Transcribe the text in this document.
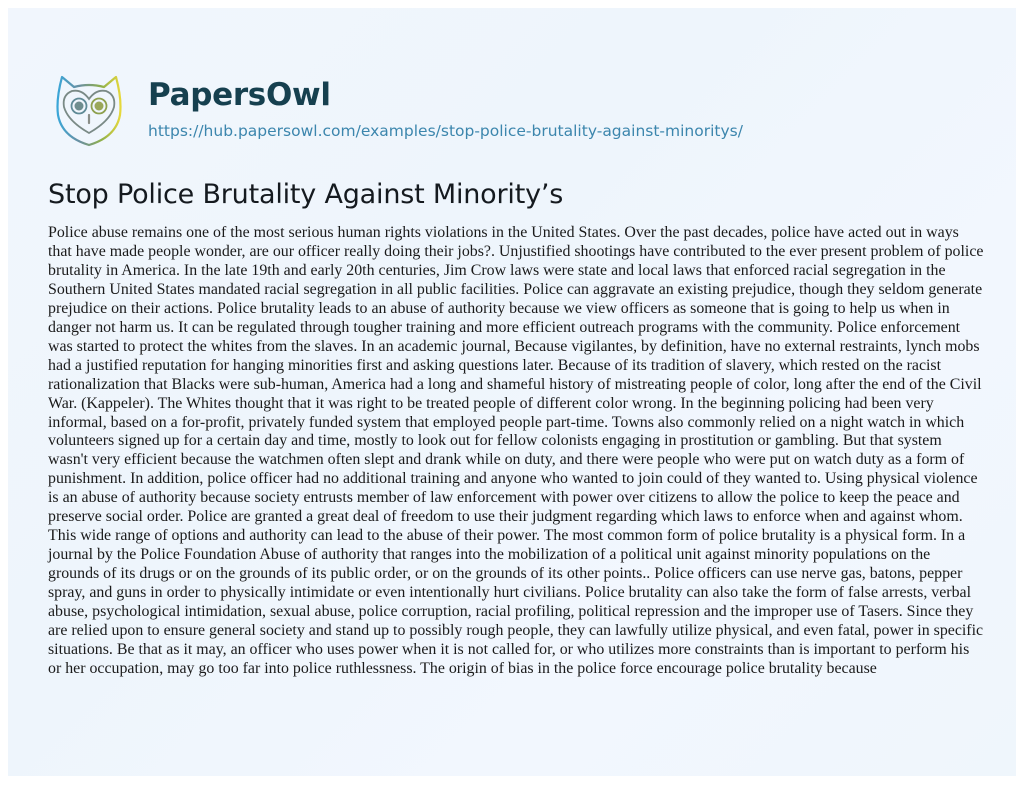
PapersOwl
https://hub.papersowl.com/examples/stop-police-brutality-against-minoritys/
Stop Police Brutality Against Minority’s

Police abuse remains one of the most serious human rights violations in the United States. Over the past decades, police have acted out in ways that have made people wonder, are our officer really doing their jobs?. Unjustified shootings have contributed to the ever present problem of police brutality in America. In the late 19th and early 20th centuries, Jim Crow laws were state and local laws that enforced racial segregation in the Southern United States mandated racial segregation in all public facilities. Police can aggravate an existing prejudice, though they seldom generate prejudice on their actions. Police brutality leads to an abuse of authority because we view officers as someone that is going to help us when in danger not harm us. It can be regulated through tougher training and more efficient outreach programs with the community. Police enforcement was started to protect the whites from the slaves. In an academic journal, Because vigilantes, by definition, have no external restraints, lynch mobs had a justified reputation for hanging minorities first and asking questions later. Because of its tradition of slavery, which rested on the racist rationalization that Blacks were sub-human, America had a long and shameful history of mistreating people of color, long after the end of the Civil War. (Kappeler). The Whites thought that it was right to be treated people of different color wrong. In the beginning policing had been very informal, based on a for-profit, privately funded system that employed people part-time. Towns also commonly relied on a night watch in which volunteers signed up for a certain day and time, mostly to look out for fellow colonists engaging in prostitution or gambling. But that system wasn't very efficient because the watchmen often slept and drank while on duty, and there were people who were put on watch duty as a form of punishment. In addition, police officer had no additional training and anyone who wanted to join could of they wanted to. Using physical violence is an abuse of authority because society entrusts member of law enforcement with power over citizens to allow the police to keep the peace and preserve social order. Police are granted a great deal of freedom to use their judgment regarding which laws to enforce when and against whom. This wide range of options and authority can lead to the abuse of their power. The most common form of police brutality is a physical form. In a journal by the Police Foundation Abuse of authority that ranges into the mobilization of a political unit against minority populations on the grounds of its drugs or on the grounds of its public order, or on the grounds of its other points.. Police officers can use nerve gas, batons, pepper spray, and guns in order to physically intimidate or even intentionally hurt civilians. Police brutality can also take the form of false arrests, verbal abuse, psychological intimidation, sexual abuse, police corruption, racial profiling, political repression and the improper use of Tasers. Since they are relied upon to ensure general society and stand up to possibly rough people, they can lawfully utilize physical, and even fatal, power in specific situations. Be that as it may, an officer who uses power when it is not called for, or who utilizes more constraints than is important to perform his or her occupation, may go too far into police ruthlessness. The origin of bias in the police force encourage police brutality because
